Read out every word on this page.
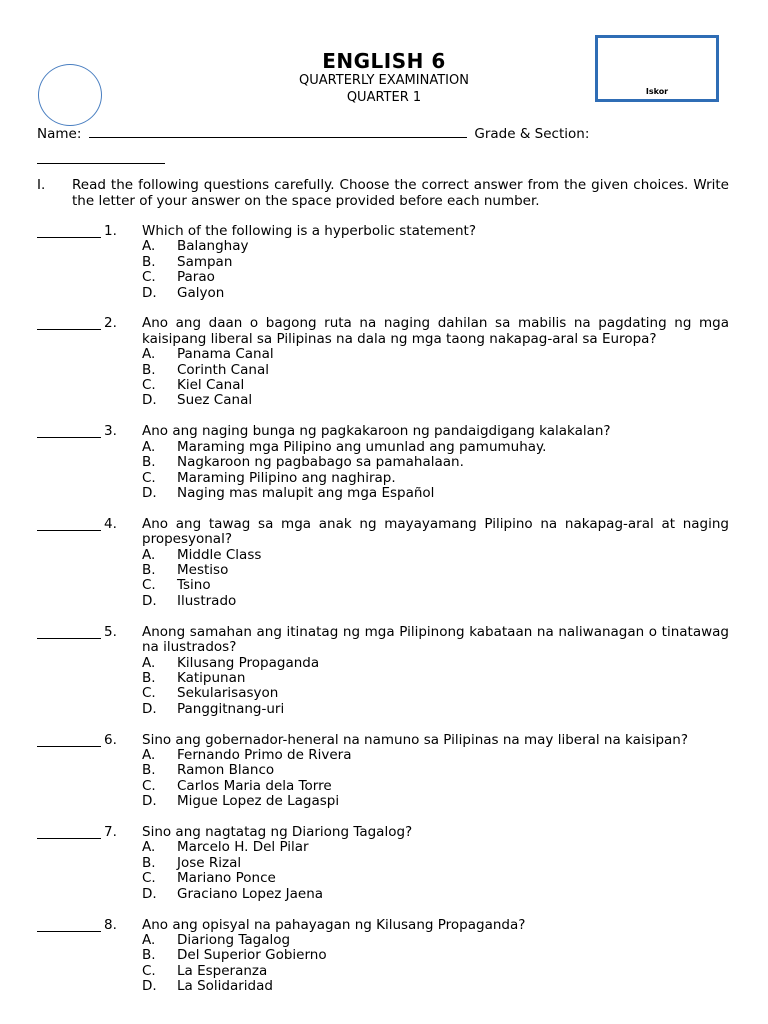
Iskor
ENGLISH 6
QUARTERLY EXAMINATION
QUARTER 1
Name:	Grade & Section:
I. Read the following questions carefully. Choose the correct answer from the given choices. Write the letter of your answer on the space provided before each number.
1. Which of the following is a hyperbolic statement?
A. Balanghay
B. Sampan
C. Parao
D. Galyon
2. Ano ang daan o bagong ruta na naging dahilan sa mabilis na pagdating ng mga kaisipang liberal sa Pilipinas na dala ng mga taong nakapag-aral sa Europa?
A. Panama Canal
B. Corinth Canal
C. Kiel Canal
D. Suez Canal
3. Ano ang naging bunga ng pagkakaroon ng pandaigdigang kalakalan?
A. Maraming mga Pilipino ang umunlad ang pamumuhay.
B. Nagkaroon ng pagbabago sa pamahalaan.
C. Maraming Pilipino ang naghirap.
D. Naging mas malupit ang mga Español
4. Ano ang tawag sa mga anak ng mayayamang Pilipino na nakapag-aral at naging propesyonal?
A. Middle Class
B. Mestiso
C. Tsino
D. Ilustrado
5. Anong samahan ang itinatag ng mga Pilipinong kabataan na naliwanagan o tinatawag na ilustrados?
A. Kilusang Propaganda
B. Katipunan
C. Sekularisasyon
D. Panggitnang-uri
6. Sino ang gobernador-heneral na namuno sa Pilipinas na may liberal na kaisipan?
A. Fernando Primo de Rivera
B. Ramon Blanco
C. Carlos Maria dela Torre
D. Migue Lopez de Lagaspi
7. Sino ang nagtatag ng Diariong Tagalog?
A. Marcelo H. Del Pilar
B. Jose Rizal
C. Mariano Ponce
D. Graciano Lopez Jaena
8. Ano ang opisyal na pahayagan ng Kilusang Propaganda?
A. Diariong Tagalog
B. Del Superior Gobierno
C. La Esperanza
D. La Solidaridad
